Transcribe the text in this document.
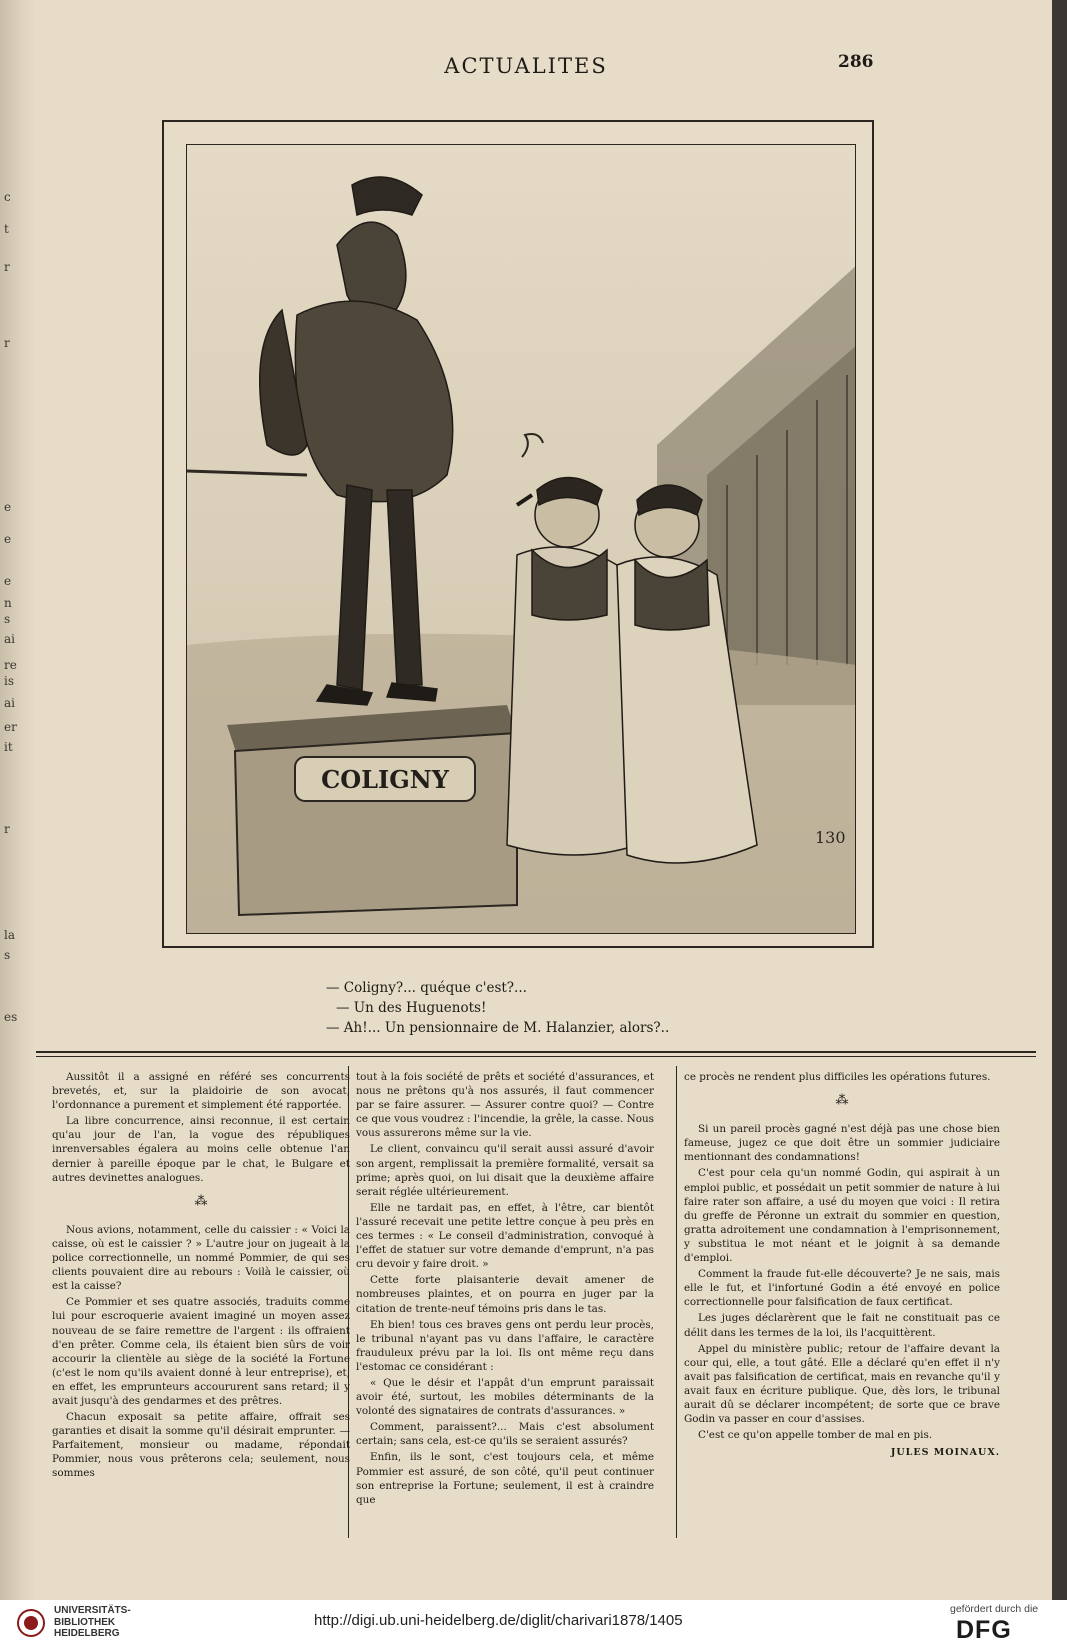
c
t
r
r
e
e
e
n
s
ai
re
is
ai
er
it
r
la
s
es
ACTUALITES	286
COLIGNY
130
— Coligny?... quéque c'est?...
— Un des Huguenots!
— Ah!... Un pensionnaire de M. Halanzier, alors?..

Aussitôt il a assigné en référé ses concurrents brevetés, et, sur la plaidoirie de son avocat, l'ordonnance a purement et simplement été rapportée.

La libre concurrence, ainsi reconnue, il est certain qu'au jour de l'an, la vogue des républiques inrenversables égalera au moins celle obtenue l'an dernier à pareille époque par le chat, le Bulgare et autres devinettes analogues.

⁂

Nous avions, notamment, celle du caissier : « Voici la caisse, où est le caissier ? » L'autre jour on jugeait à la police correctionnelle, un nommé Pommier, de qui ses clients pouvaient dire au rebours : Voilà le caissier, où est la caisse?

Ce Pommier et ses quatre associés, traduits comme lui pour escroquerie avaient imaginé un moyen assez nouveau de se faire remettre de l'argent : ils offraient d'en prêter. Comme cela, ils étaient bien sûrs de voir accourir la clientèle au siège de la société la Fortune (c'est le nom qu'ils avaient donné à leur entreprise), et, en effet, les emprunteurs accoururent sans retard; il y avait jusqu'à des gendarmes et des prêtres.

Chacun exposait sa petite affaire, offrait ses garanties et disait la somme qu'il désirait emprunter. — Parfaitement, monsieur ou madame, répondait Pommier, nous vous prêterons cela; seulement, nous sommes

tout à la fois société de prêts et société d'assurances, et nous ne prêtons qu'à nos assurés, il faut commencer par se faire assurer. — Assurer contre quoi? — Contre ce que vous voudrez : l'incendie, la grêle, la casse. Nous vous assurerons même sur la vie.

Le client, convaincu qu'il serait aussi assuré d'avoir son argent, remplissait la première formalité, versait sa prime; après quoi, on lui disait que la deuxième affaire serait réglée ultérieurement.

Elle ne tardait pas, en effet, à l'être, car bientôt l'assuré recevait une petite lettre conçue à peu près en ces termes : « Le conseil d'administration, convoqué à l'effet de statuer sur votre demande d'emprunt, n'a pas cru devoir y faire droit. »

Cette forte plaisanterie devait amener de nombreuses plaintes, et on pourra en juger par la citation de trente-neuf témoins pris dans le tas.

Eh bien! tous ces braves gens ont perdu leur procès, le tribunal n'ayant pas vu dans l'affaire, le caractère frauduleux prévu par la loi. Ils ont même reçu dans l'estomac ce considérant :

« Que le désir et l'appât d'un emprunt paraissait avoir été, surtout, les mobiles déterminants de la volonté des signataires de contrats d'assurances. »

Comment, paraissent?... Mais c'est absolument certain; sans cela, est-ce qu'ils se seraient assurés?

Enfin, ils le sont, c'est toujours cela, et même Pommier est assuré, de son côté, qu'il peut continuer son entreprise la Fortune; seulement, il est à craindre que

ce procès ne rendent plus difficiles les opérations futures.

⁂

Si un pareil procès gagné n'est déjà pas une chose bien fameuse, jugez ce que doit être un sommier judiciaire mentionnant des condamnations!

C'est pour cela qu'un nommé Godin, qui aspirait à un emploi public, et possédait un petit sommier de nature à lui faire rater son affaire, a usé du moyen que voici : Il retira du greffe de Péronne un extrait du sommier en question, gratta adroitement une condamnation à l'emprisonnement, y substitua le mot néant et le joignit à sa demande d'emploi.

Comment la fraude fut-elle découverte? Je ne sais, mais elle le fut, et l'infortuné Godin a été envoyé en police correctionnelle pour falsification de faux certificat.

Les juges déclarèrent que le fait ne constituait pas ce délit dans les termes de la loi, ils l'acquittèrent.

Appel du ministère public; retour de l'affaire devant la cour qui, elle, a tout gâté. Elle a déclaré qu'en effet il n'y avait pas falsification de certificat, mais en revanche qu'il y avait faux en écriture publique. Que, dès lors, le tribunal aurait dû se déclarer incompétent; de sorte que ce brave Godin va passer en cour d'assises.

C'est ce qu'on appelle tomber de mal en pis.

JULES MOINAUX.

UNIVERSITÄTS-
BIBLIOTHEK
HEIDELBERG
http://digi.ub.uni-heidelberg.de/diglit/charivari1878/1405
gefördert durch die
DFG
